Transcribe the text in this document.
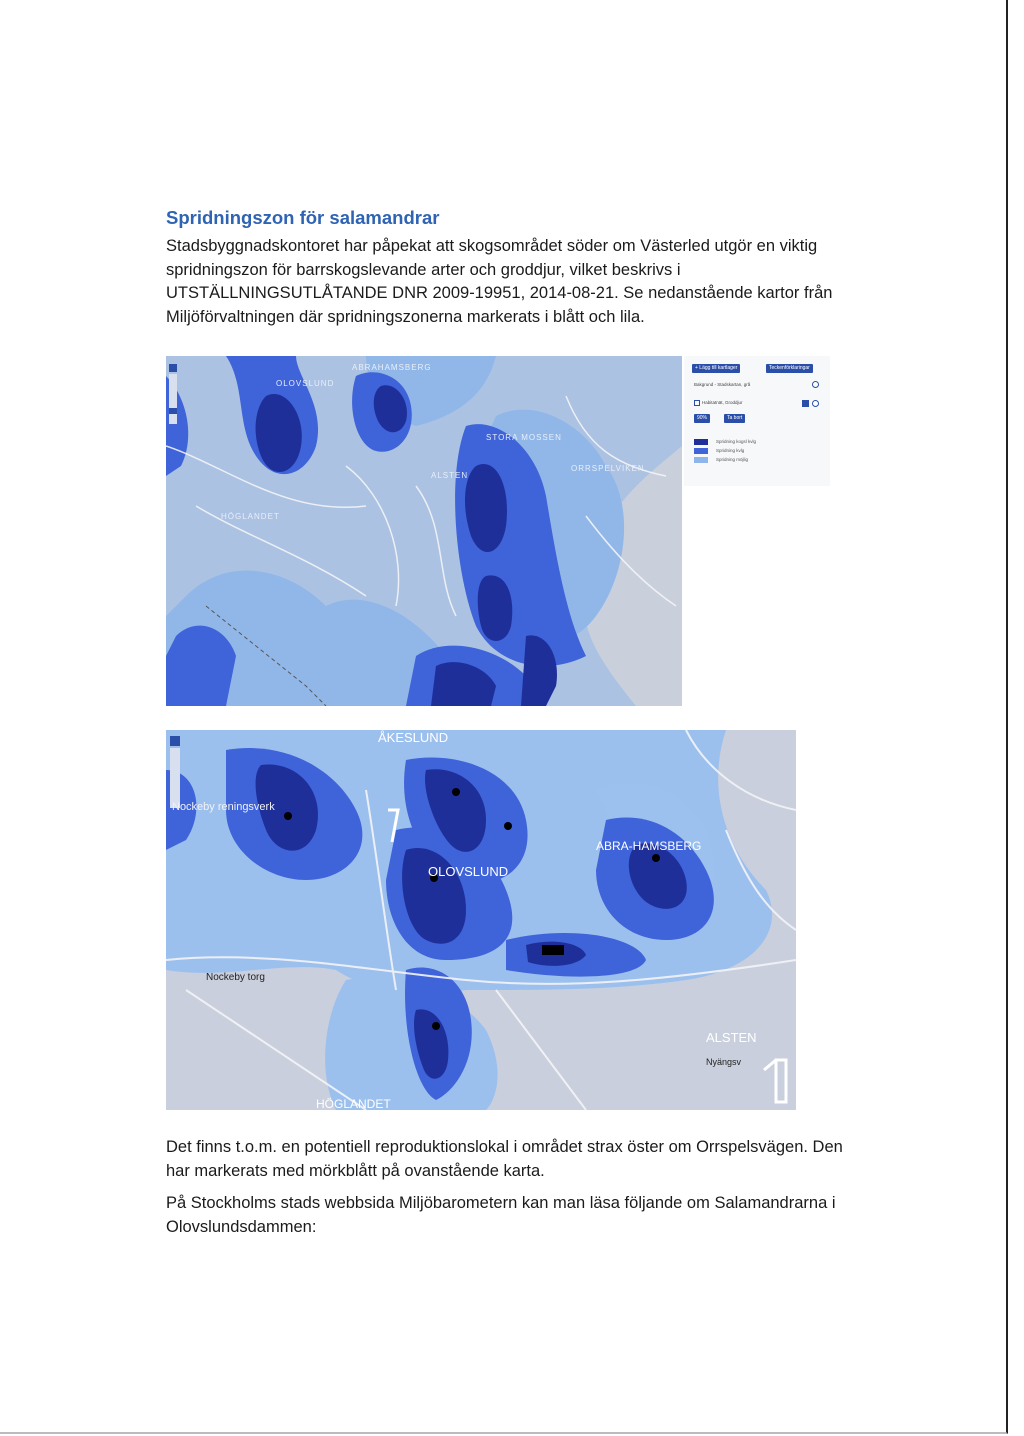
Spridningszon för salamandrar

Stadsbyggnadskontoret har påpekat att skogsområdet söder om Västerled utgör en viktig spridningszon för barrskogslevande arter och groddjur, vilket beskrivs i UTSTÄLLNINGSUTLÅTANDE DNR 2009-19951, 2014-08-21. Se nedanstående kartor från Miljöförvaltningen där spridningszonerna markerats i blått och lila.

OLOVSLUND
STORA MOSSEN
ALSTEN
ORRSPELVIKEN
HÖGLANDET
ABRAHAMSBERG	+ Lägg till kartlager	Teckenförklaringar
Bakgrund - Stadskartan, grå
Habitatnät, Groddjur
90%	Ta bort
Spridning kogsl kvlg
Spridning kvlg
Spridning möjlig
ÅKESLUND
Nockeby reningsverk
ABRA-HAMSBERG
OLOVSLUND
Nockeby torg
ALSTEN
HÖGLANDET
Nyängsv

Det finns t.o.m. en potentiell reproduktionslokal i området strax öster om Orrspelsvägen. Den har markerats med mörkblått på ovanstående karta.

På Stockholms stads webbsida Miljöbarometern kan man läsa följande om Salamandrarna i Olovslundsdammen:
